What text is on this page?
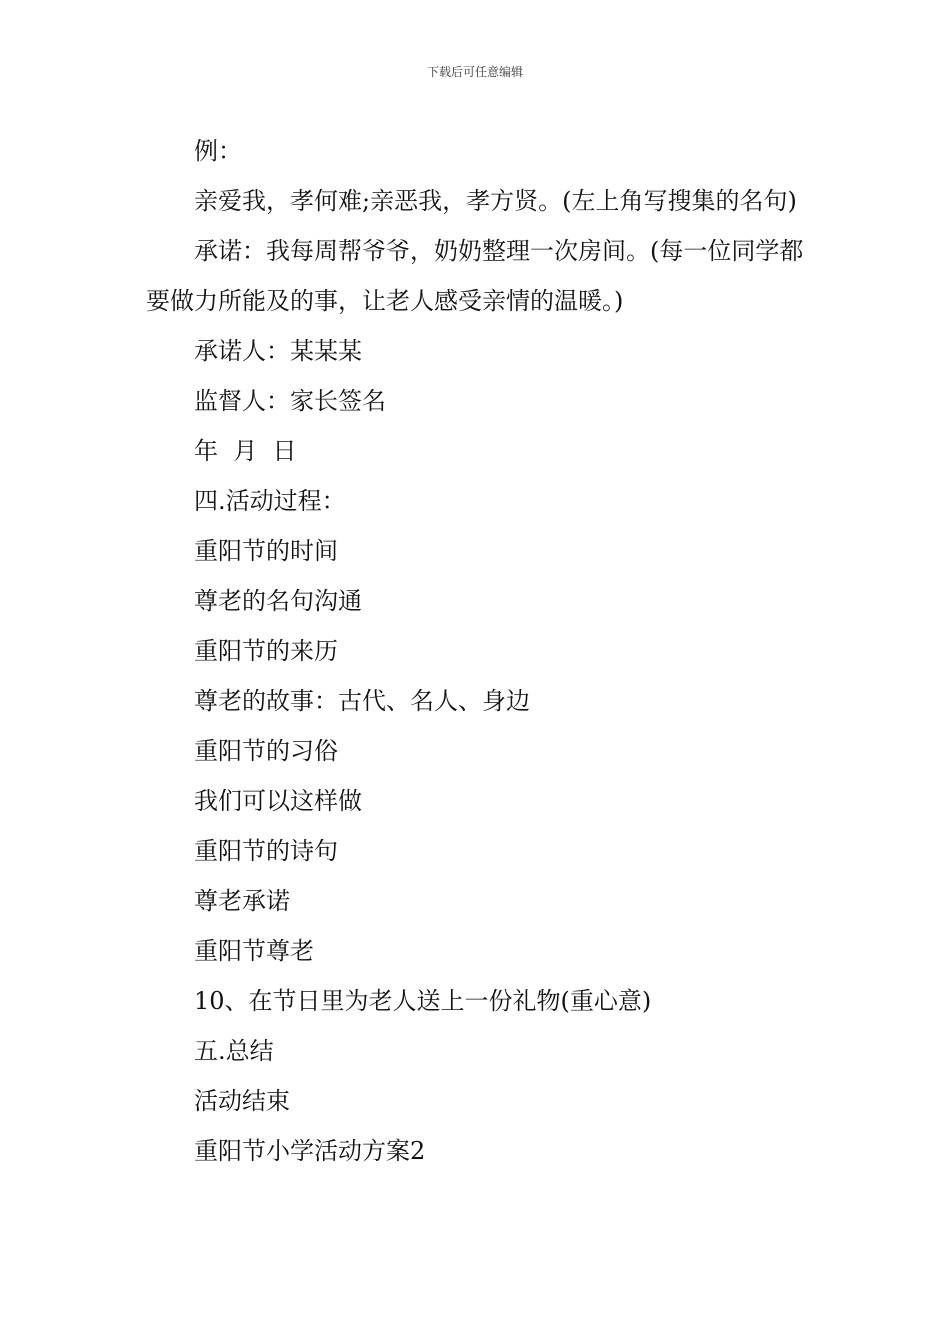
下载后可任意编辑

例：

亲爱我，孝何难;亲恶我，孝方贤。(左上角写搜集的名句)

承诺：我每周帮爷爷，奶奶整理一次房间。(每一位同学都要做力所能及的事，让老人感受亲情的温暖。)

承诺人：某某某

监督人：家长签名

年  月  日

四.活动过程：

重阳节的时间

尊老的名句沟通

重阳节的来历

尊老的故事：古代、名人、身边

重阳节的习俗

我们可以这样做

重阳节的诗句

尊老承诺

重阳节尊老

10、在节日里为老人送上一份礼物(重心意)

五.总结

活动结束

重阳节小学活动方案2
